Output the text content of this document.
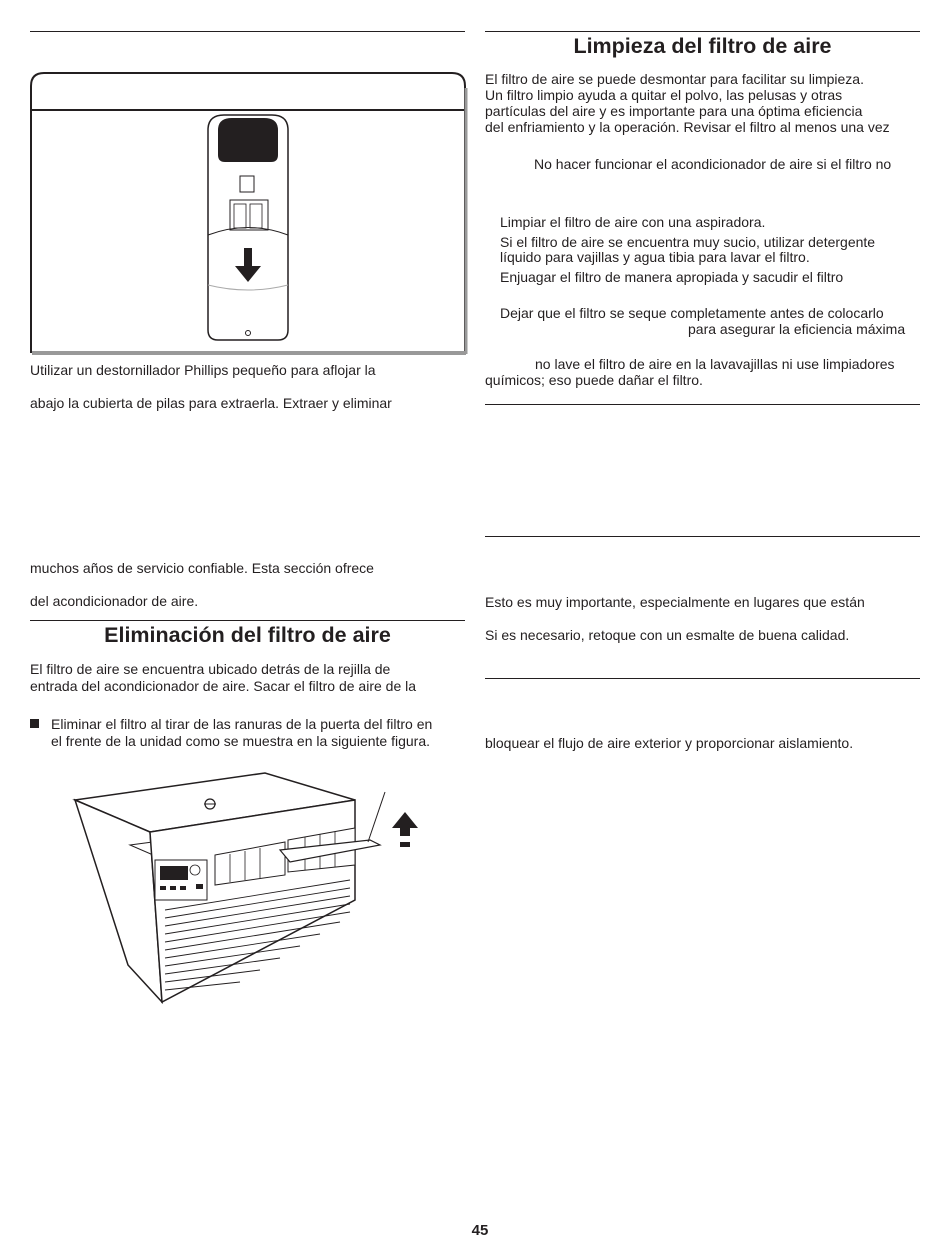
Utilizar un destornillador Phillips pequeño para aflojar la

abajo la cubierta de pilas para extraerla. Extraer y eliminar

muchos años de servicio confiable. Esta sección ofrece

del acondicionador de aire.

Eliminación del filtro de aire

El filtro de aire se encuentra ubicado detrás de la rejilla de

entrada del acondicionador de aire. Sacar el filtro de aire de la

Eliminar el filtro al tirar de las ranuras de la puerta del filtro en

el frente de la unidad como se muestra en la siguiente figura.

Limpieza del filtro de aire

El filtro de aire se puede desmontar para facilitar su limpieza.

Un filtro limpio ayuda a quitar el polvo, las pelusas y otras

partículas del aire y es importante para una óptima eficiencia

del enfriamiento y la operación. Revisar el filtro al menos una vez

No hacer funcionar el acondicionador de aire si el filtro no

Limpiar el filtro de aire con una aspiradora.

Si el filtro de aire se encuentra muy sucio, utilizar detergente

líquido para vajillas y agua tibia para lavar el filtro.

Enjuagar el filtro de manera apropiada y sacudir el filtro

Dejar que el filtro se seque completamente antes de colocarlo

para asegurar la eficiencia máxima

no lave el filtro de aire en la lavavajillas ni use limpiadores

químicos; eso puede dañar el filtro.

Esto es muy importante, especialmente en lugares que están

Si es necesario, retoque con un esmalte de buena calidad.

bloquear el flujo de aire exterior y proporcionar aislamiento.

45
